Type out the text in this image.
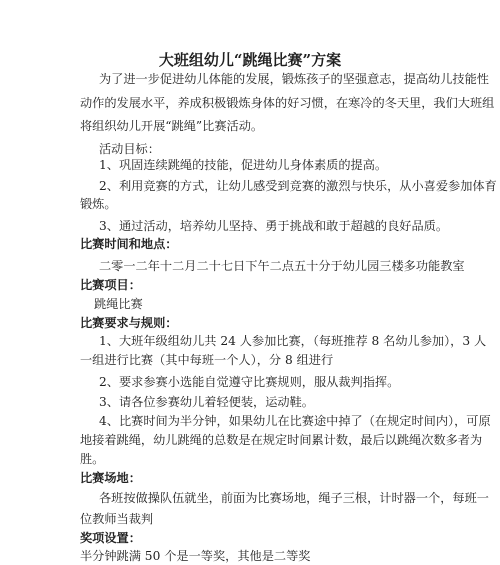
大班组幼儿“跳绳比赛”方案

为了进一步促进幼儿体能的发展，锻炼孩子的坚强意志，提高幼儿技能性

动作的发展水平，养成积极锻炼身体的好习惯，在寒冷的冬天里，我们大班组

将组织幼儿开展“跳绳”比赛活动。

活动目标：

1、巩固连续跳绳的技能，促进幼儿身体素质的提高。

2、利用竞赛的方式，让幼儿感受到竞赛的激烈与快乐，从小喜爱参加体育

锻炼。

3、通过活动，培养幼儿坚持、勇于挑战和敢于超越的良好品质。

比赛时间和地点：

二零一二年十二月二十七日下午二点五十分于幼儿园三楼多功能教室

比赛项目：

跳绳比赛

比赛要求与规则：

1、大班年级组幼儿共 24 人参加比赛，（每班推荐 8 名幼儿参加），3 人

一组进行比赛（其中每班一个人），分 8 组进行

2、要求参赛小选能自觉遵守比赛规则，服从裁判指挥。

3、请各位参赛幼儿着轻便装，运动鞋。

4、比赛时间为半分钟，如果幼儿在比赛途中掉了（在规定时间内），可原

地接着跳绳，幼儿跳绳的总数是在规定时间累计数，最后以跳绳次数多者为

胜。

比赛场地：

各班按做操队伍就坐，前面为比赛场地，绳子三根，计时器一个，每班一

位教师当裁判

奖项设置：

半分钟跳满 50 个是一等奖，其他是二等奖
